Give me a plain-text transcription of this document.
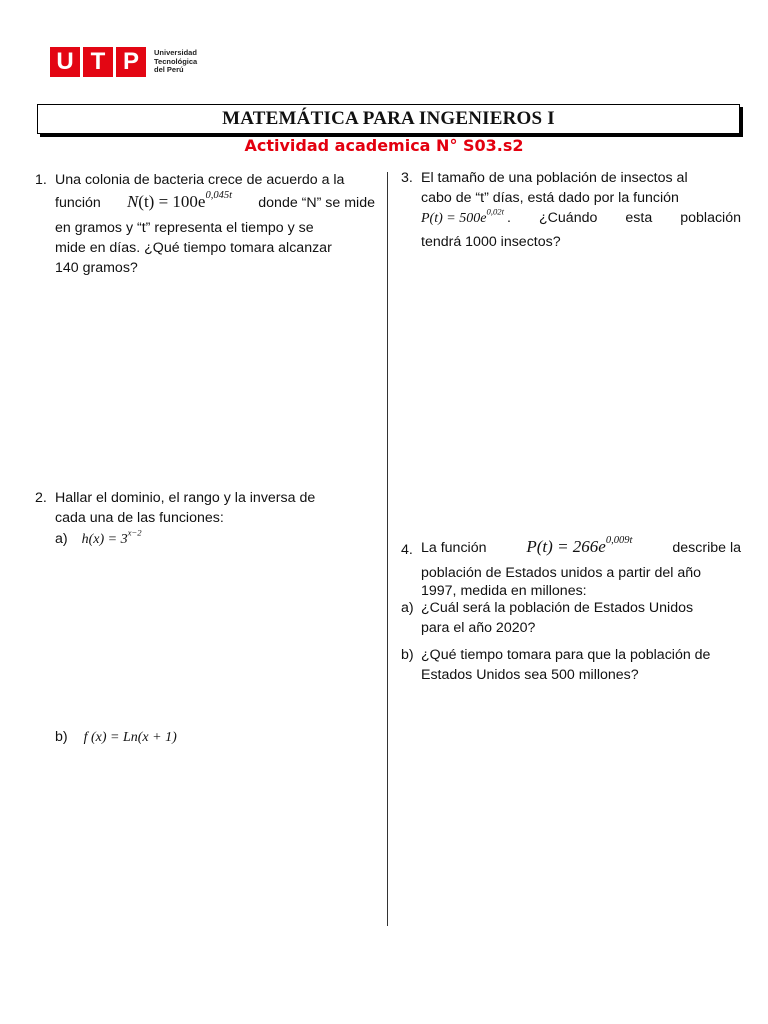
U T P	Universidad
Tecnológica
del Perú
MATEMÁTICA PARA INGENIEROS I
Actividad academica N° S03.s2
1. Una colonia de bacteria crece de acuerdo a la
función $N(t) = 100e^{0,045t}$ donde “N” se mide
en gramos y “t” representa el tiempo y se
mide en días. ¿Qué tiempo tomara alcanzar
140 gramos?
2. Hallar el dominio, el rango y la inversa de
cada una de las funciones:
a) $h(x) = 3^{x-2}$
b) f (x) = Ln(x + 1)
3. El tamaño de una población de insectos al
cabo de “t” días, está dado por la función
$P(t) = 500e^{0,02t}$ . ¿Cuándo esta población
tendrá 1000 insectos?
4. La función $P(t) = 266e^{0,009t}$	describe la
población de Estados unidos a partir del año
1997, medida en millones:
a) ¿Cuál será la población de Estados Unidos
para el año 2020?
b) ¿Qué tiempo tomara para que la población de
Estados Unidos sea 500 millones?
